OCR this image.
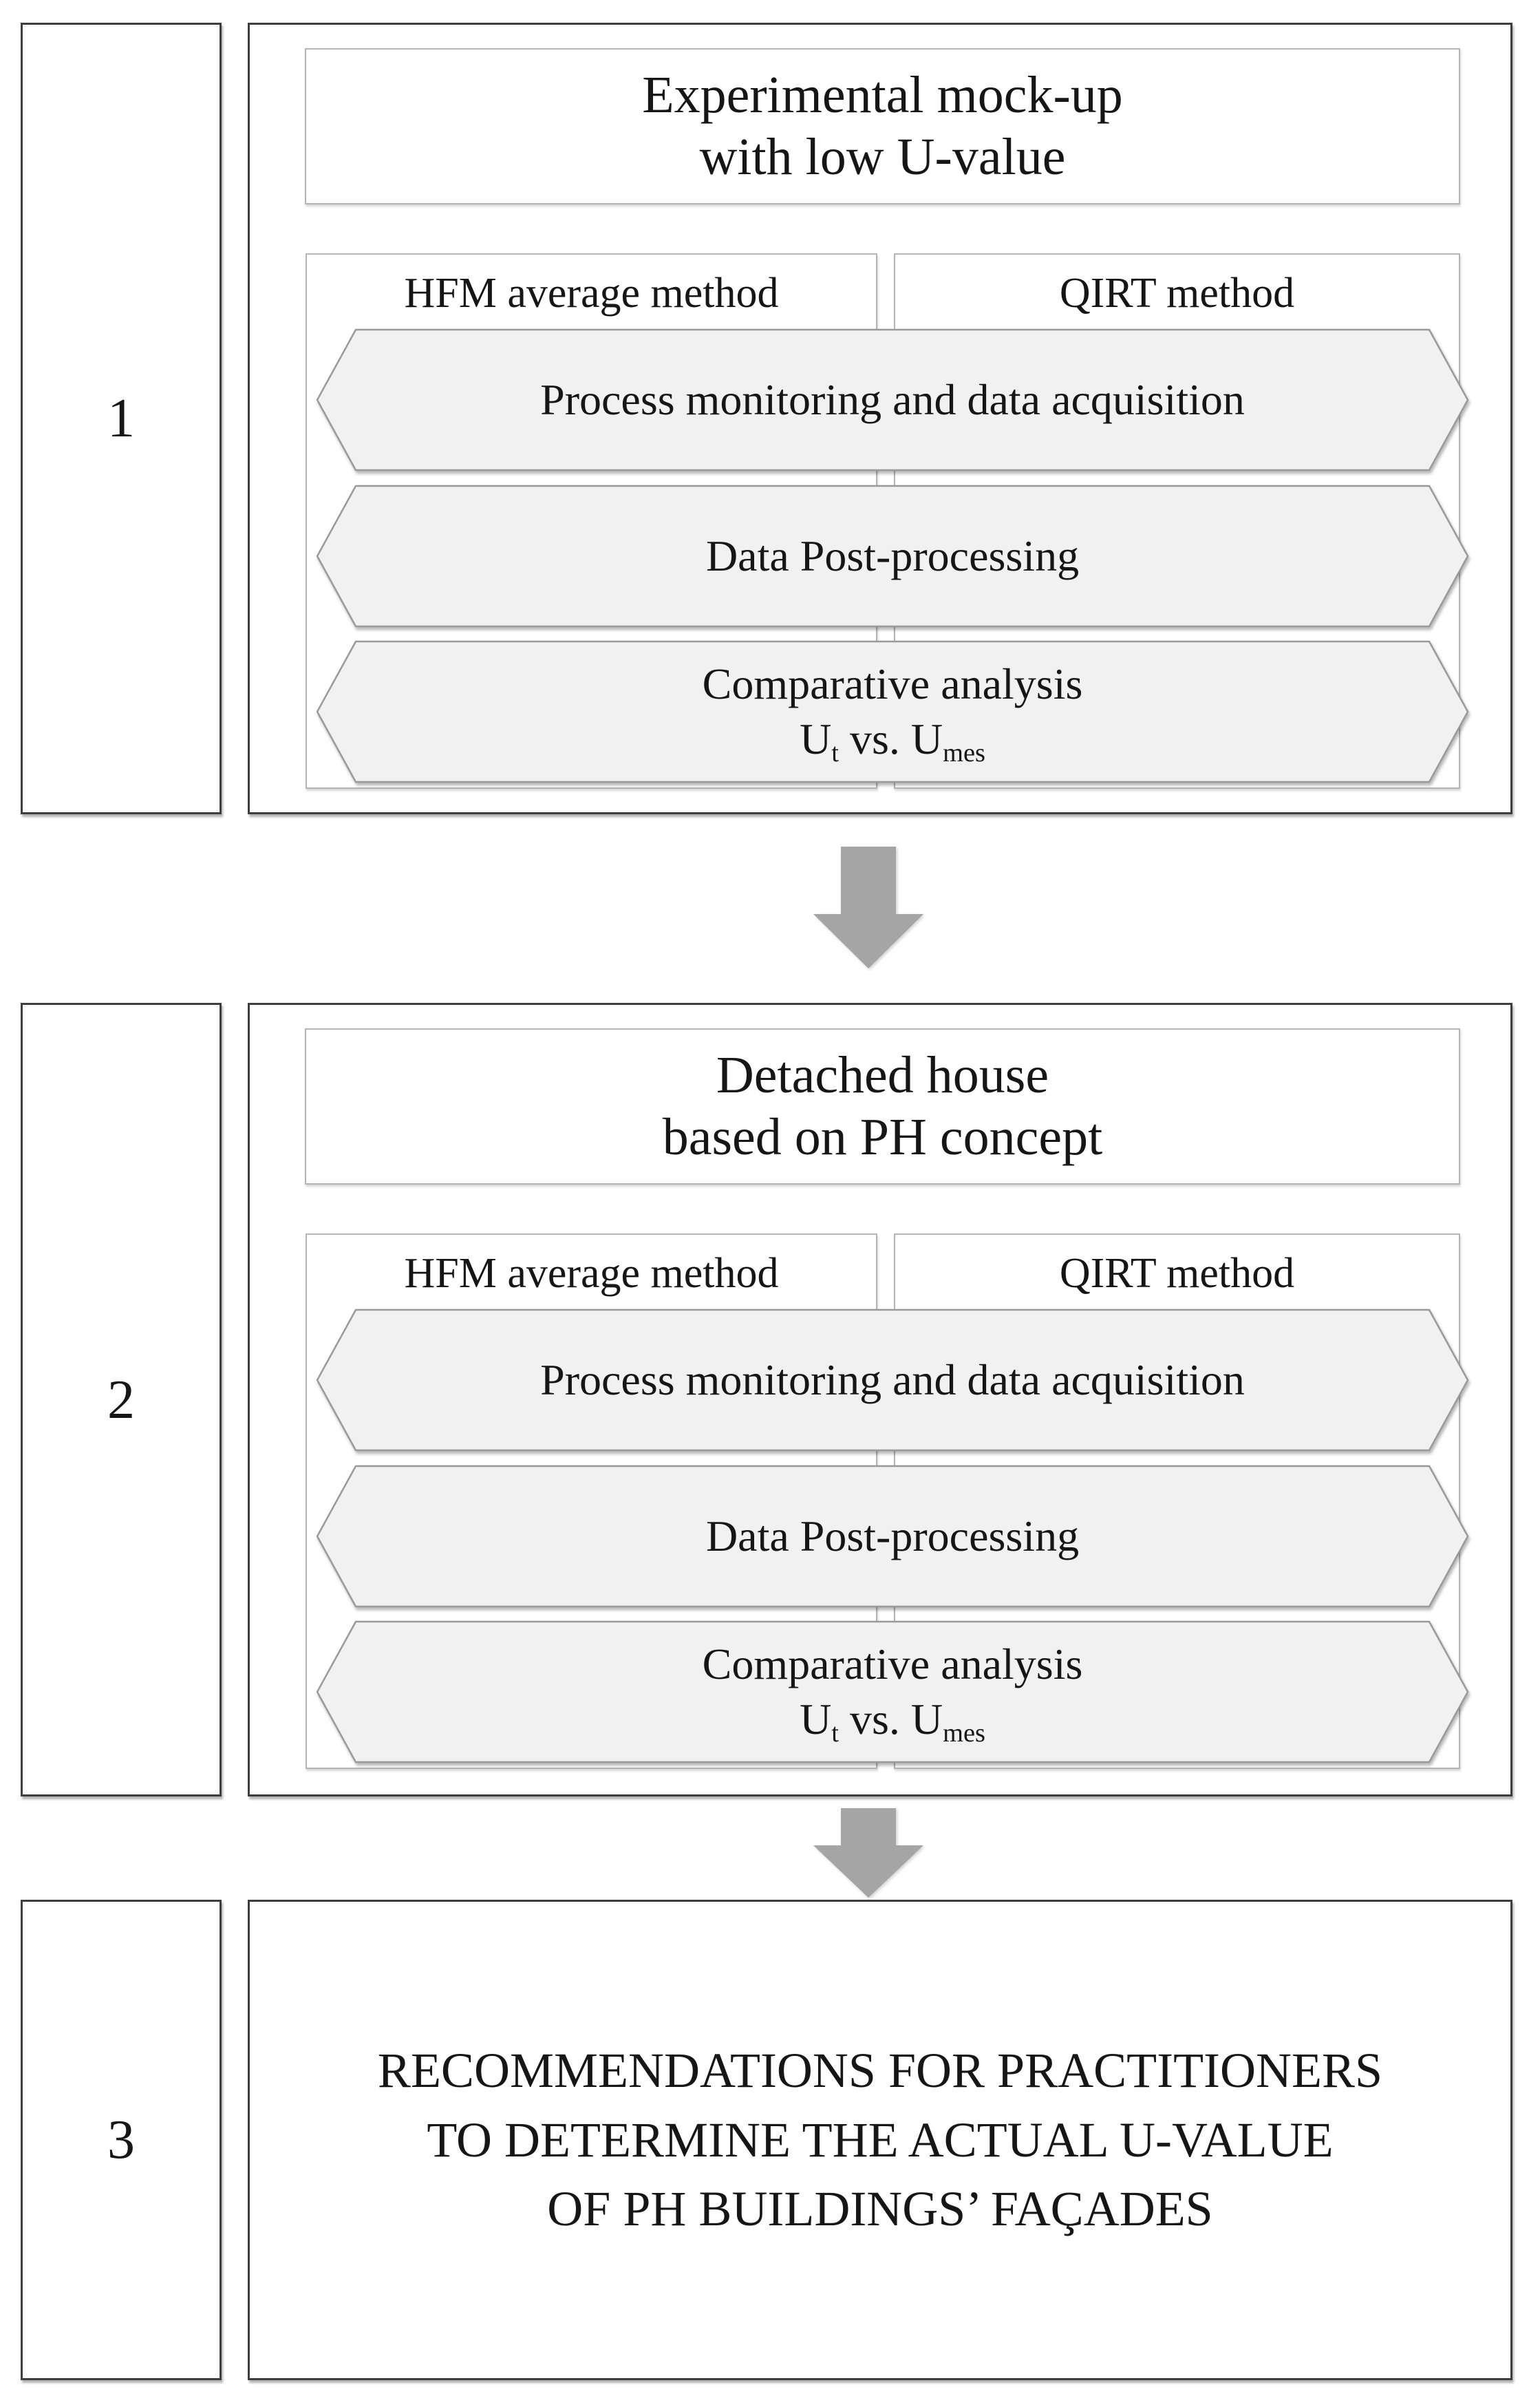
1
Experimental mock-up
with low U-value
HFM average method	QIRT method
Process monitoring and data acquisition
Data Post-processing
Comparative analysis
$U_t$ vs. $U_{mes}$
2
Detached house
based on PH concept
HFM average method	QIRT method
Process monitoring and data acquisition
Data Post-processing
Comparative analysis
$U_t$ vs. $U_{mes}$
3
RECOMMENDATIONS FOR PRACTITIONERS
TO DETERMINE THE ACTUAL U-VALUE
OF PH BUILDINGS’ FAÇADES
